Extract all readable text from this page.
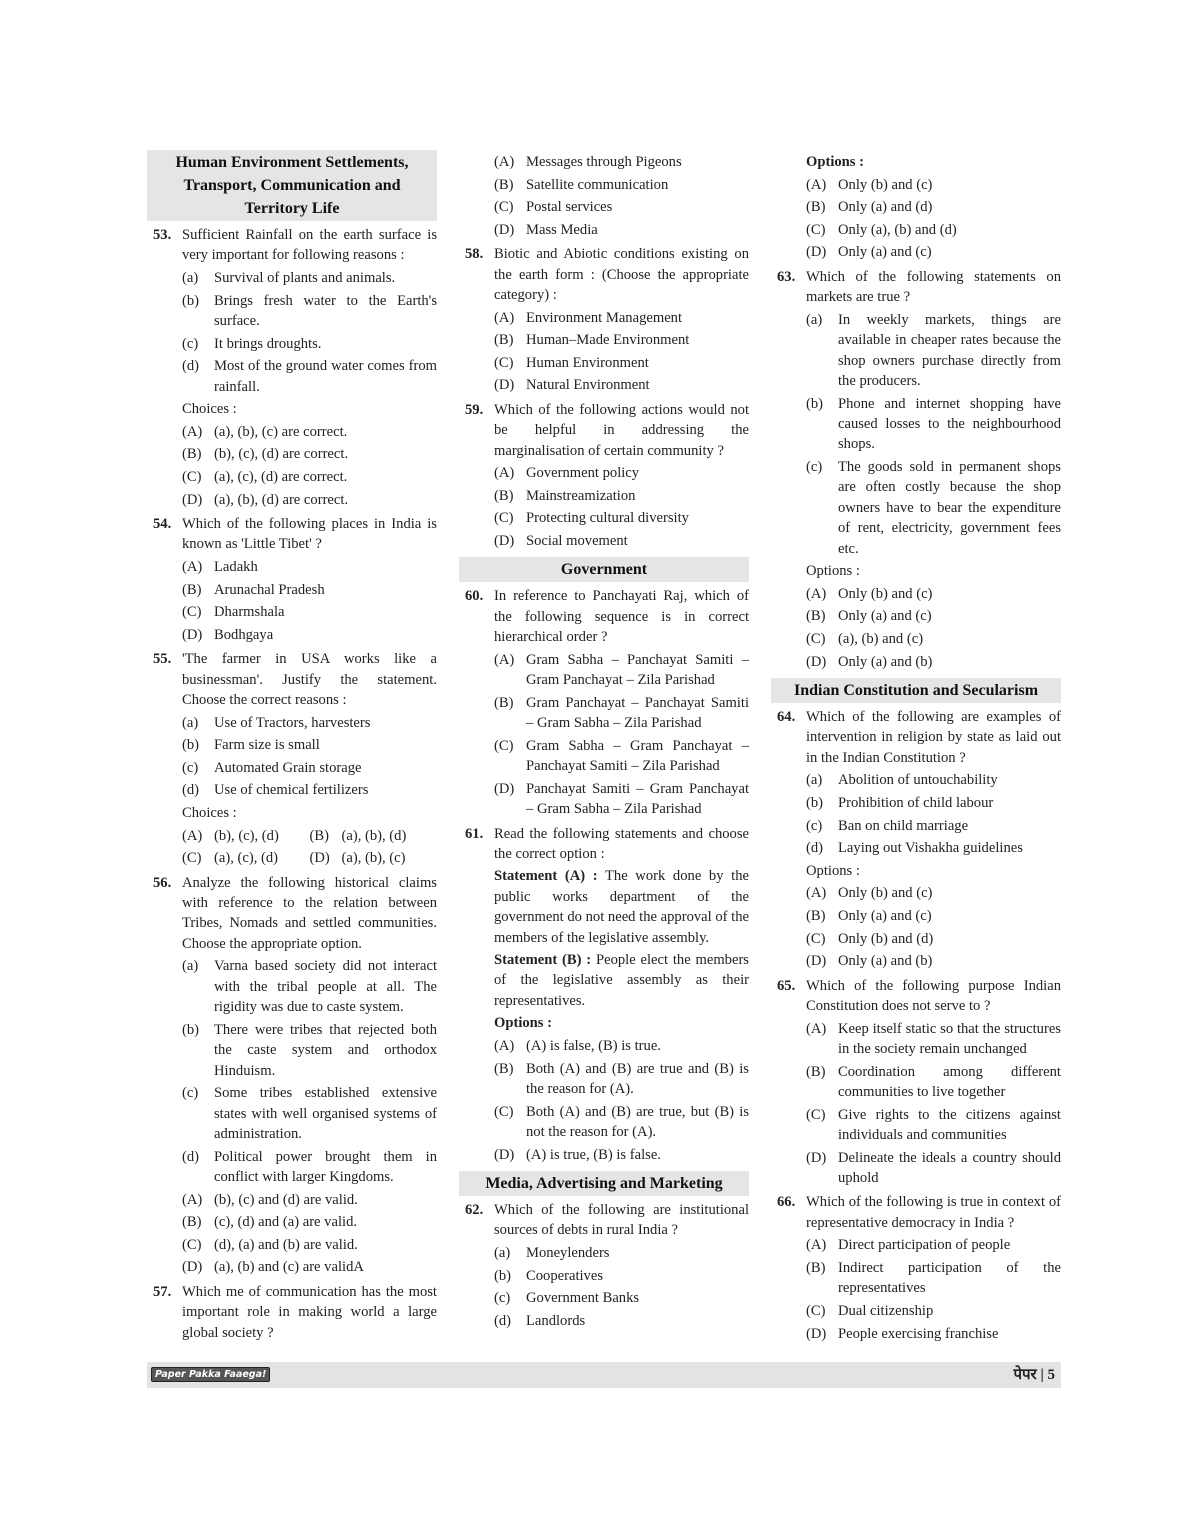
Human Environment Settlements, Transport, Communication and Territory Life
53. Sufficient Rainfall on the earth surface is very important for following reasons :
(a) Survival of plants and animals.
(b) Brings fresh water to the Earth's surface.
(c) It brings droughts.
(d) Most of the ground water comes from rainfall.
Choices :
(A) (a), (b), (c) are correct.
(B) (b), (c), (d) are correct.
(C) (a), (c), (d) are correct.
(D) (a), (b), (d) are correct.
54. Which of the following places in India is known as 'Little Tibet' ?
(A) Ladakh
(B) Arunachal Pradesh
(C) Dharmshala
(D) Bodhgaya
55. 'The farmer in USA works like a businessman'. Justify the statement. Choose the correct reasons :
(a) Use of Tractors, harvesters
(b) Farm size is small
(c) Automated Grain storage
(d) Use of chemical fertilizers
Choices :
(A) (b), (c), (d)	(B) (a), (b), (d)
(C) (a), (c), (d)	(D) (a), (b), (c)
56. Analyze the following historical claims with reference to the relation between Tribes, Nomads and settled communities. Choose the appropriate option.
(a) Varna based society did not interact with the tribal people at all. The rigidity was due to caste system.
(b) There were tribes that rejected both the caste system and orthodox Hinduism.
(c) Some tribes established extensive states with well organised systems of administration.
(d) Political power brought them in conflict with larger Kingdoms.
(A) (b), (c) and (d) are valid.
(B) (c), (d) and (a) are valid.
(C) (d), (a) and (b) are valid.
(D) (a), (b) and (c) are validA
57. Which me of communication has the most important role in making world a large global society ?
(A) Messages through Pigeons
(B) Satellite communication
(C) Postal services
(D) Mass Media
58. Biotic and Abiotic conditions existing on the earth form : (Choose the appropriate category) :
(A) Environment Management
(B) Human–Made Environment
(C) Human Environment
(D) Natural Environment
59. Which of the following actions would not be helpful in addressing the marginalisation of certain community ?
(A) Government policy
(B) Mainstreamization
(C) Protecting cultural diversity
(D) Social movement
Government
60. In reference to Panchayati Raj, which of the following sequence is in correct hierarchical order ?
(A) Gram Sabha – Panchayat Samiti – Gram Panchayat – Zila Parishad
(B) Gram Panchayat – Panchayat Samiti – Gram Sabha – Zila Parishad
(C) Gram Sabha – Gram Panchayat – Panchayat Samiti – Zila Parishad
(D) Panchayat Samiti – Gram Panchayat – Gram Sabha – Zila Parishad
61. Read the following statements and choose the correct option :
Statement (A) : The work done by the public works department of the government do not need the approval of the members of the legislative assembly.
Statement (B) : People elect the members of the legislative assembly as their representatives.
Options :
(A) (A) is false, (B) is true.
(B) Both (A) and (B) are true and (B) is the reason for (A).
(C) Both (A) and (B) are true, but (B) is not the reason for (A).
(D) (A) is true, (B) is false.
Media, Advertising and Marketing
62. Which of the following are institutional sources of debts in rural India ?
(a) Moneylenders
(b) Cooperatives
(c) Government Banks
(d) Landlords
Options :
(A) Only (b) and (c)
(B) Only (a) and (d)
(C) Only (a), (b) and (d)
(D) Only (a) and (c)
63. Which of the following statements on markets are true ?
(a) In weekly markets, things are available in cheaper rates because the shop owners purchase directly from the producers.
(b) Phone and internet shopping have caused losses to the neighbourhood shops.
(c) The goods sold in permanent shops are often costly because the shop owners have to bear the expenditure of rent, electricity, government fees etc.
Options :
(A) Only (b) and (c)
(B) Only (a) and (c)
(C) (a), (b) and (c)
(D) Only (a) and (b)
Indian Constitution and Secularism
64. Which of the following are examples of intervention in religion by state as laid out in the Indian Constitution ?
(a) Abolition of untouchability
(b) Prohibition of child labour
(c) Ban on child marriage
(d) Laying out Vishakha guidelines
Options :
(A) Only (b) and (c)
(B) Only (a) and (c)
(C) Only (b) and (d)
(D) Only (a) and (b)
65. Which of the following purpose Indian Constitution does not serve to ?
(A) Keep itself static so that the structures in the society remain unchanged
(B) Coordination among different communities to live together
(C) Give rights to the citizens against individuals and communities
(D) Delineate the ideals a country should uphold
66. Which of the following is true in context of representative democracy in India ?
(A) Direct participation of people
(B) Indirect participation of the representatives
(C) Dual citizenship
(D) People exercising franchise
Paper Pakka Faaega!	पेपर | 5
